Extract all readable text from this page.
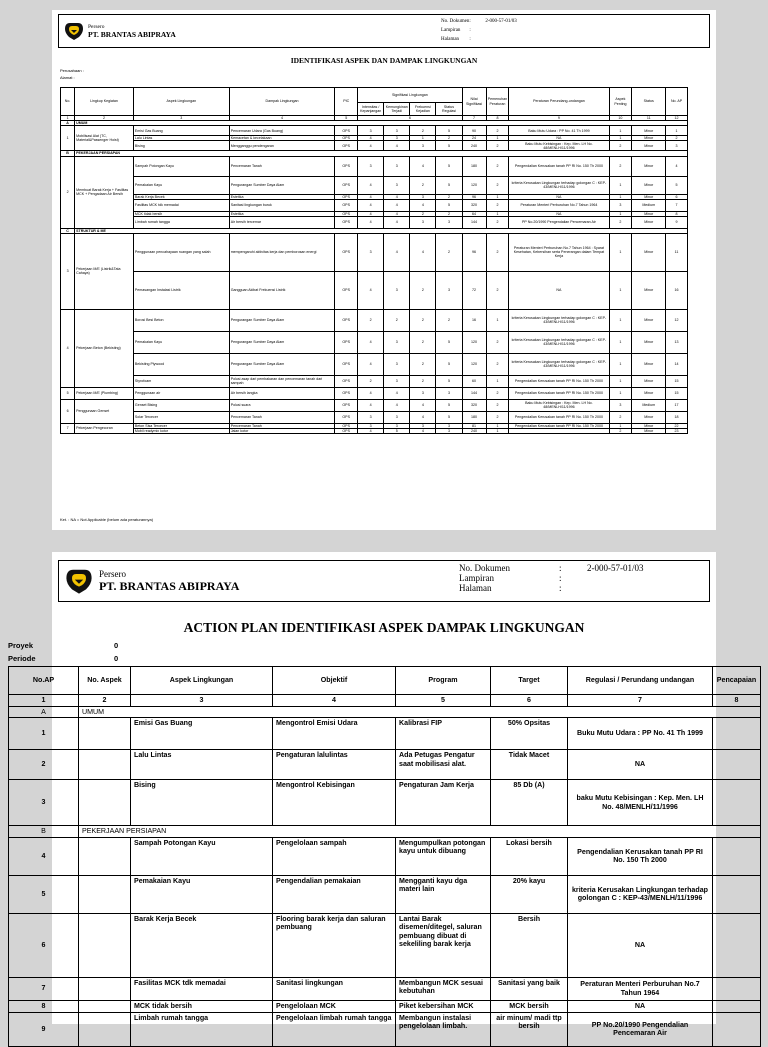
Persero
PT. BRANTAS ABIPRAYA
No. Dokumen :	2-000-57-01/03
Lampiran	:
Halaman	:
IDENTIFIKASI ASPEK DAN DAMPAK LINGKUNGAN
Perusahaan :
Alamat :
No.	Lingkup Kegiatan	Aspek Lingkungan	Dampak Lingkungan	PIC	Signifikasi Lingkungan				Nilai Signifikasi	Pemenuhan Peraturan	Peraturan Perundang-undangan	Aspek Penting	Status	No. AP
					Intensitas / Kepanjangan	Kemungkinan Terjadi	Frekuensi Kejadian	Status Regulasi						
1	2	3	4	5	6				7	8	9	10	11	12
A	UMUM													
1	Mobilisasi Alat (TC, Material&Passenger Hoist)	Emisi Gas Buang	Pencemaran Udara (Gas Buang)	OPS	3	3	2	5	90	2	Baku Mutu Udara : PP No. 41 Th 1999	1	Minor	1
		Lalu Lintas	Kemacetan & kecelakaan	OPS	4	3	1	2	24	1	NA	1	Minor	2
		Bising	Mengganggu pendengaran	OPS	4	4	3	5	240	2	Baku Mutu Kebisingan : Kep. Men. LH No. 48/MENLH/11/1996	2	Minor	3
B	PEKERJAAN PERSIAPAN													
2	Membuat Barak Kerja + Fasilitas MCK + Pengadaan Air Bersih	Sampah Potongan Kayu	Pencemaran Tanah	OPS	3	3	4	5	180	2	Pengendalian Kerusakan tanah PP RI No. 150 Th 2000	2	Minor	4
		Pemakaian Kayu	Pengurangan Sumber Daya Alam	OPS	4	3	2	5	120	2	kriteria Kerusakan Lingkungan terhadap golongan C : KEP-43/MENLH/11/1996	1	Minor	5
		Barak Kerja Becek	Estetika	OPS	4	4	3	2	96	1	NA	1	Minor	6
		Fasilitas MCK tdk memadai	Sanitasi lingkungan buruk	OPS	4	4	4	5	320	2	Peraturan Menteri Perburuhan No.7 Tahun 1964	3	Medium	7
		MCK tidak bersih	Estetika	OPS	4	4	2	2	64	1	NA	1	Minor	8
		Limbah rumah tangga	Air bersih tercemar	OPS	4	4	3	3	144	2	PP No.20/1990 Pengendalian Pencemaran Air	2	Minor	9
C	STRUKTUR & ME													
3	Pekerjaan M/E (Listrik&Tata Cahaya)	Penggunaan pencahayaan ruangan yang salah	mempengaruhi aktivitas kerja dan pemborosan energi	OPS	3	4	4	2	96	2	Peraturan Menteri Perburuhan No.7 Tahun 1964 : Syarat Kesehatan, Kebersihan serta Penerangan dalam Tempat Kerja	1	Minor	11
		Pemasangan Instalasi Listrik	Gangguan Akibat Frekuensi Listrik	OPS	4	3	2	3	72	2	NA	1	Minor	16
4	Pekerjaan Beton (Bekisting)	Borosi Besi Beton	Pengurangan Sumber Daya Alam	OPS	2	2	2	2	16	1	kriteria Kerusakan Lingkungan terhadap golongan C : KEP-43/MENLH/11/1996	1	Minor	12
		Pemakaian Kayu	Pengurangan Sumber Daya Alam	OPS	4	3	2	5	120	2	kriteria Kerusakan Lingkungan terhadap golongan C : KEP-43/MENLH/11/1996	1	Minor	13
		Bekisting Plywood	Pengurangan Sumber Daya Alam	OPS	4	3	2	5	120	2	kriteria Kerusakan Lingkungan terhadap golongan C : KEP-43/MENLH/11/1996	1	Minor	14
		Styrofoam	Polusi asap dari pembakaran dan pencemaran tanah dari sampah	OPS	2	3	2	5	60	1	Pengendalian Kerusakan tanah PP RI No. 150 Th 2000	1	Minor	15
5	Pekerjaan M/E (Plumbing)	Penggunaan air	Air bersih langka	OPS	4	4	3	3	144	2	Pengendalian Kerusakan tanah PP RI No. 150 Th 2000	1	Minor	15
6	Penggunaan Genset	Genset Bising	Polusi suara	OPS	4	4	4	5	320	2	Baku Mutu Kebisingan : Kep. Men. LH No. 48/MENLH/11/1996	3	Medium	17
		Solar Tercecer	Pencemaran Tanah	OPS	3	3	4	5	180	2	Pengendalian Kerusakan tanah PP RI No. 150 Th 2000	2	Minor	18
7	Pekerjaan Pengecoran	Beton Sisa Tercecer	Pencemaran Tanah	OPS	3	3	3	3	81	1	Pengendalian Kerusakan tanah PP RI No. 150 Th 2000	1	Minor	22
		Mobil readymix kotor	Jalan kotor	OPS	4	5	4	3	240	1		2	Minor	23
Ket. : NA = Not Applicable (belum ada peraturannya)
Persero
PT. BRANTAS ABIPRAYA
No. Dokumen	:	2-000-57-01/03
Lampiran	:
Halaman	:
ACTION PLAN IDENTIFIKASI ASPEK DAMPAK LINGKUNGAN
Proyek	0
Periode	0
No.AP	No. Aspek	Aspek Lingkungan	Objektif	Program	Target	Regulasi / Perundang undangan	Pencapaian
1	2	3	4	5	6	7	8
A	UMUM						
1		Emisi Gas Buang	Mengontrol Emisi Udara	Kalibrasi FIP	50% Opsitas	Buku Mutu Udara : PP No. 41 Th 1999	
2		Lalu Lintas	Pengaturan lalulintas	Ada Petugas Pengatur saat mobilisasi alat.	Tidak Macet	NA	
3		Bising	Mengontrol Kebisingan	Pengaturan Jam Kerja	85 Db (A)	baku Mutu Kebisingan : Kep. Men. LH No. 48/MENLH/11/1996	
B	PEKERJAAN PERSIAPAN						
4		Sampah Potongan Kayu	Pengelolaan sampah	Mengumpulkan potongan kayu untuk dibuang	Lokasi bersih	Pengendalian Kerusakan tanah PP RI No. 150 Th 2000	
5		Pemakaian Kayu	Pengendalian pemakaian	Mengganti kayu dga materi lain	20% kayu	kriteria Kerusakan Lingkungan terhadap golongan C : KEP-43/MENLH/11/1996	
6		Barak Kerja Becek	Flooring barak kerja dan saluran pembuang	Lantai Barak disemen/ditegel, saluran pembuang dibuat di sekeliling barak kerja	Bersih	NA	
7		Fasilitas MCK tdk memadai	Sanitasi lingkungan	Membangun MCK sesuai kebutuhan	Sanitasi yang baik	Peraturan Menteri Perburuhan No.7 Tahun 1964	
8		MCK tidak bersih	Pengelolaan MCK	Piket kebersihan MCK	MCK bersih	NA	
9		Limbah rumah tangga	Pengelolaan limbah rumah tangga	Membangun instalasi pengelolaan limbah.	air minum/ madi ttp bersih	PP No.20/1990 Pengendalian Pencemaran Air	
